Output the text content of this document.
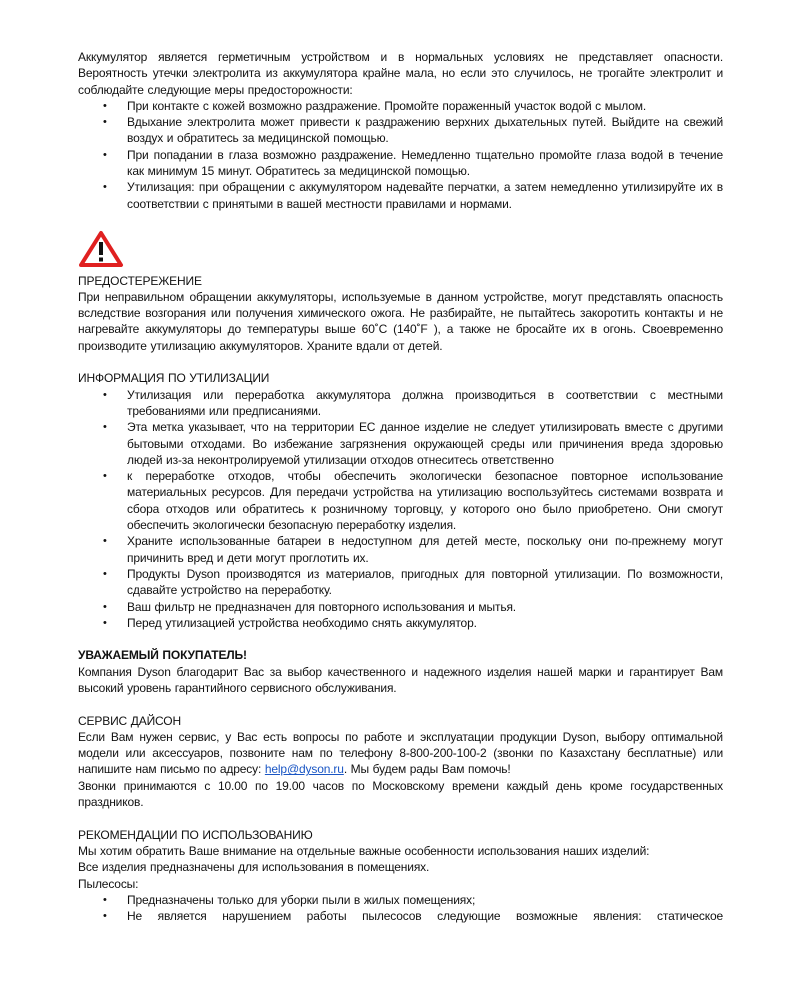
Аккумулятор является герметичным устройством и в нормальных условиях не представляет опасности. Вероятность утечки электролита из аккумулятора крайне мала, но если это случилось, не трогайте электролит и соблюдайте следующие меры предосторожности:

• При контакте с кожей возможно раздражение. Промойте пораженный участок водой с мылом.
• Вдыхание электролита может привести к раздражению верхних дыхательных путей. Выйдите на свежий воздух и обратитесь за медицинской помощью.
• При попадании в глаза возможно раздражение. Немедленно тщательно промойте глаза водой в течение как минимум 15 минут. Обратитесь за медицинской помощью.
• Утилизация: при обращении с аккумулятором надевайте перчатки, а затем немедленно утилизируйте их в соответствии с принятыми в вашей местности правилами и нормами.

ПРЕДОСТЕРЕЖЕНИЕ

При неправильном обращении аккумуляторы, используемые в данном устройстве, могут представлять опасность вследствие возгорания или получения химического ожога. Не разбирайте, не пытайтесь закоротить контакты и не нагревайте аккумуляторы до температуры выше 60˚C (140˚F ), а также не бросайте их в огонь. Своевременно производите утилизацию аккумуляторов. Храните вдали от детей.

ИНФОРМАЦИЯ ПО УТИЛИЗАЦИИ

• Утилизация или переработка аккумулятора должна производиться в соответствии с местными требованиями или предписаниями.
• Эта метка указывает, что на территории ЕС данное изделие не следует утилизировать вместе с другими бытовыми отходами. Во избежание загрязнения окружающей среды или причинения вреда здоровью людей из-за неконтролируемой утилизации отходов отнеситесь ответственно
• к переработке отходов, чтобы обеспечить экологически безопасное повторное использование материальных ресурсов. Для передачи устройства на утилизацию воспользуйтесь системами возврата и сбора отходов или обратитесь к розничному торговцу, у которого оно было приобретено. Они смогут обеспечить экологически безопасную переработку изделия.
• Храните использованные батареи в недоступном для детей месте, поскольку они по-прежнему могут причинить вред и дети могут проглотить их.
• Продукты Dyson производятся из материалов, пригодных для повторной утилизации. По возможности, сдавайте устройство на переработку.
• Ваш фильтр не предназначен для повторного использования и мытья.
• Перед утилизацией устройства необходимо снять аккумулятор.

УВАЖАЕМЫЙ ПОКУПАТЕЛЬ!

Компания Dyson благодарит Вас за выбор качественного и надежного изделия нашей марки и гарантирует Вам высокий уровень гарантийного сервисного обслуживания.

СЕРВИС ДАЙСОН

Если Вам нужен сервис, у Вас есть вопросы по работе и эксплуатации продукции Dyson, выбору оптимальной модели или аксессуаров, позвоните нам по телефону 8-800-200-100-2 (звонки по Казахстану бесплатные) или напишите нам письмо по адресу: help@dyson.ru. Мы будем рады Вам помочь!

Звонки принимаются с 10.00 по 19.00 часов по Московскому времени каждый день кроме государственных праздников.

РЕКОМЕНДАЦИИ ПО ИСПОЛЬЗОВАНИЮ

Мы хотим обратить Ваше внимание на отдельные важные особенности использования наших изделий:

Все изделия предназначены для использования в помещениях.

Пылесосы:

• Предназначены только для уборки пыли в жилых помещениях;
• Не является нарушением работы пылесосов следующие возможные явления: статическое
